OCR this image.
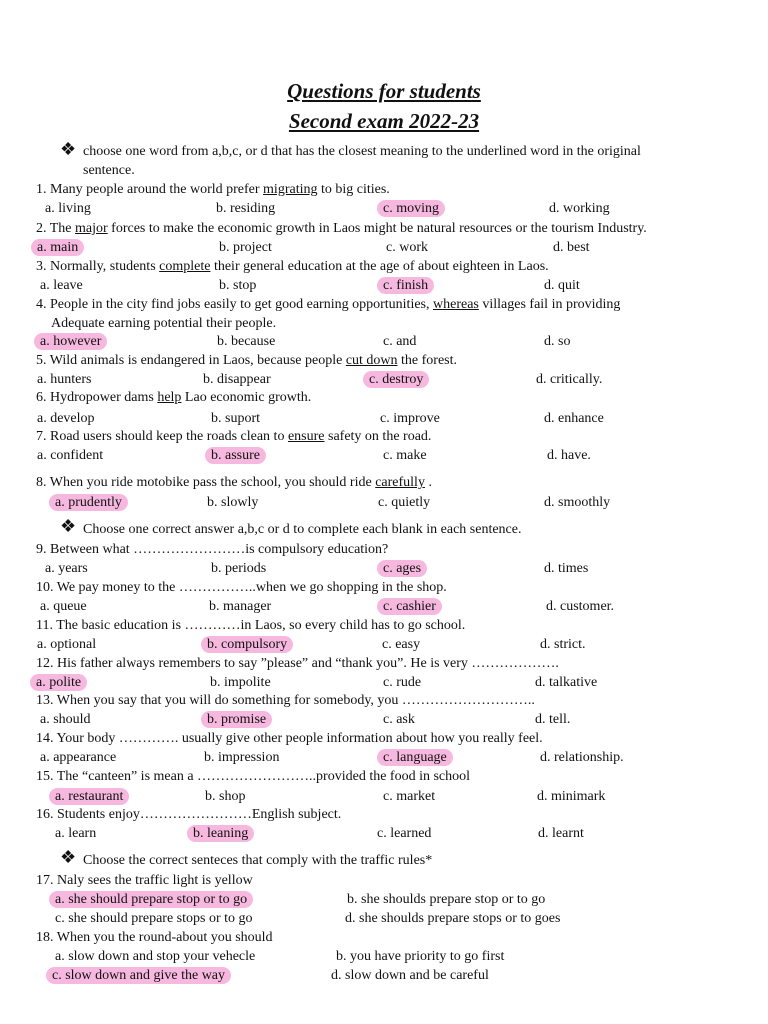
Questions for students
Second exam 2022-23
❖ choose one word from a,b,c, or d that has the closest meaning to the underlined word in the original
sentence.
1. Many people around the world prefer migrating to big cities.
a. living	b. residing	c. moving	d. working
2. The major forces to make the economic growth in Laos might be natural resources or the tourism Industry.
a. main	b. project	c. work	d. best
3. Normally, students complete their general education at the age of about eighteen in Laos.
a. leave	b. stop	c. finish	d. quit
4. People in the city find jobs easily to get good earning opportunities, whereas villages fail in providing
Adequate earning potential their people.
a. however	b. because	c. and	d. so
5. Wild animals is endangered in Laos, because people cut down the forest.
a. hunters	b. disappear	c. destroy	d. critically.
6. Hydropower dams help Lao economic growth.
a. develop	b. suport	c. improve	d. enhance
7. Road users should keep the roads clean to ensure safety on the road.
a. confident	b. assure	c. make	d. have.
8. When you ride motobike pass the school, you should ride carefully .
a. prudently	b. slowly	c. quietly	d. smoothly
9. Between what ……………………is compulsory education?
a. years	b. periods	c. ages	d. times
10. We pay money to the ……………..when we go shopping in the shop.
a. queue	b. manager	c. cashier	d. customer.
11. The basic education is …………in Laos, so every child has to go school.
a. optional	b. compulsory	c. easy	d. strict.
12. His father always remembers to say ”please” and “thank you”. He is very ……………….
a. polite	b. impolite	c. rude	d. talkative
13. When you say that you will do something for somebody, you ………………………..
a. should	b. promise	c. ask	d. tell.
14. Your body …………. usually give other people information about how you really feel.
a. appearance	b. impression	c. language	d. relationship.
15. The “canteen” is mean a ……………………..provided the food in school
a. restaurant	b. shop	c. market	d. minimark
16. Students enjoy……………………English subject.
a. learn	b. leaning	c. learned	d. learnt
17. Naly sees the traffic light is yellow
a. she should prepare stop or to go	b. she shoulds prepare stop or to go
c. she should prepare stops or to go	d. she shoulds prepare stops or to goes
18. When you the round-about you should
a. slow down and stop your vehecle	b. you have priority to go first
c. slow down and give the way	d. slow down and be careful
❖ Choose one correct answer a,b,c or d to complete each blank in each sentence.
❖ Choose the correct senteces that comply with the traffic rules*
